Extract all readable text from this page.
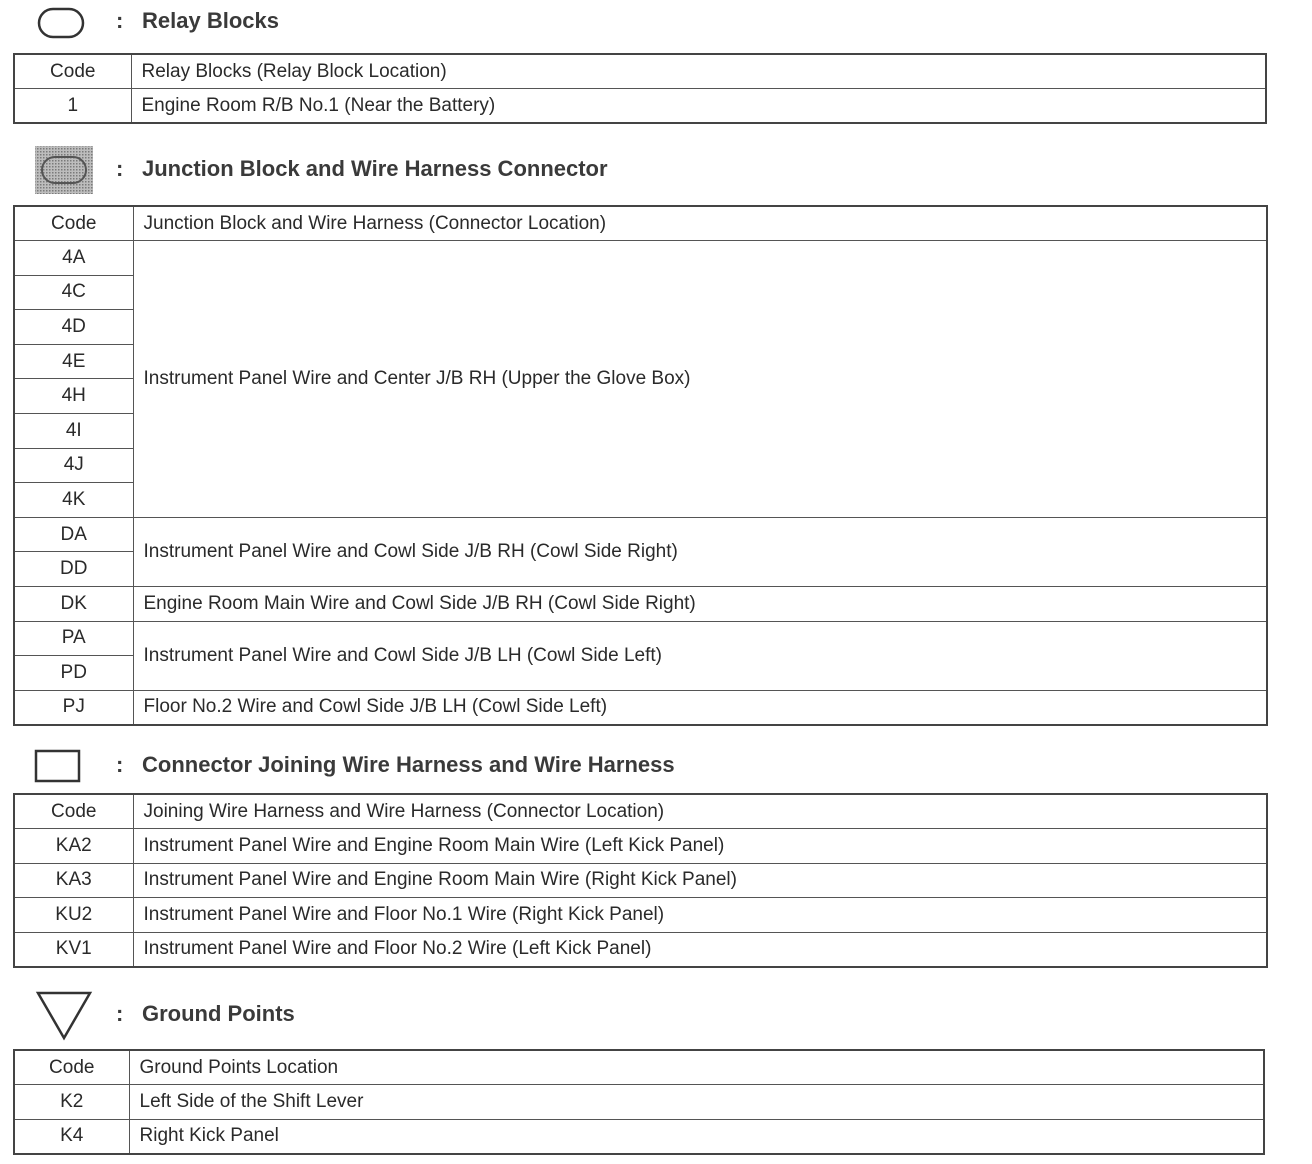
: Relay Blocks
Code	Relay Blocks (Relay Block Location)
1	Engine Room R/B No.1 (Near the Battery)
: Junction Block and Wire Harness Connector
Code	Junction Block and Wire Harness (Connector Location)
4A	Instrument Panel Wire and Center J/B RH (Upper the Glove Box)
4C	
4D	
4E	
4H	
4I	
4J	
4K	
DA	Instrument Panel Wire and Cowl Side J/B RH (Cowl Side Right)
DD	
DK	Engine Room Main Wire and Cowl Side J/B RH (Cowl Side Right)
PA	Instrument Panel Wire and Cowl Side J/B LH (Cowl Side Left)
PD	
PJ	Floor No.2 Wire and Cowl Side J/B LH (Cowl Side Left)
: Connector Joining Wire Harness and Wire Harness
Code	Joining Wire Harness and Wire Harness (Connector Location)
KA2	Instrument Panel Wire and Engine Room Main Wire (Left Kick Panel)
KA3	Instrument Panel Wire and Engine Room Main Wire (Right Kick Panel)
KU2	Instrument Panel Wire and Floor No.1 Wire (Right Kick Panel)
KV1	Instrument Panel Wire and Floor No.2 Wire (Left Kick Panel)
: Ground Points
Code	Ground Points Location
K2	Left Side of the Shift Lever
K4	Right Kick Panel
